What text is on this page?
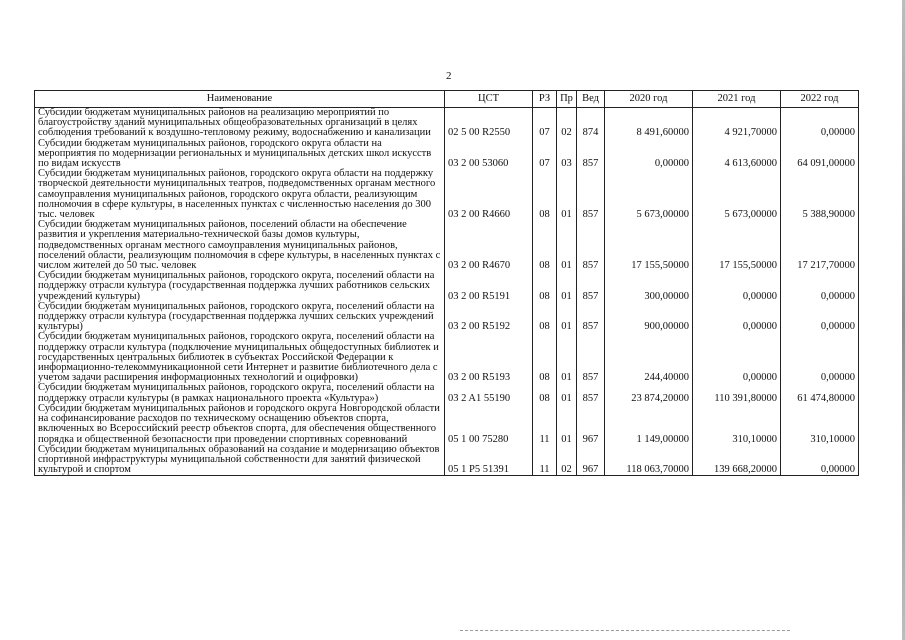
2
Наименование	ЦСТ	РЗ	Пр	Вед	2020 год	2021 год	2022 год
Субсидии бюджетам муниципальных районов на реализацию мероприятий по благоустройству зданий муниципальных общеобразовательных организаций в целях соблюдения требований к воздушно-тепловому режиму, водоснабжению и канализации	02 5 00 R2550	07	02	874	8 491,60000	4 921,70000	0,00000
Субсидии бюджетам муниципальных районов, городского округа области на мероприятия по модернизации региональных и муниципальных детских школ искусств по видам искусств	03 2 00 53060	07	03	857	0,00000	4 613,60000	64 091,00000
Субсидии бюджетам муниципальных районов, городского округа области на поддержку творческой деятельности муниципальных театров, подведомственных органам местного самоуправления муниципальных районов, городского округа области, реализующим полномочия в сфере культуры, в населенных пунктах с численностью населения до 300 тыс. человек	03 2 00 R4660	08	01	857	5 673,00000	5 673,00000	5 388,90000
Субсидии бюджетам муниципальных районов, поселений области на обеспечение развития и укрепления материально-технической базы домов культуры, подведомственных органам местного самоуправления муниципальных районов, поселений области, реализующим полномочия в сфере культуры, в населенных пунктах с числом жителей до 50 тыс. человек	03 2 00 R4670	08	01	857	17 155,50000	17 155,50000	17 217,70000
Субсидии бюджетам муниципальных районов, городского округа, поселений области на поддержку отрасли культура (государственная поддержка лучших работников сельских учреждений культуры)	03 2 00 R5191	08	01	857	300,00000	0,00000	0,00000
Субсидии бюджетам муниципальных районов, городского округа, поселений области на поддержку отрасли культура (государственная поддержка лучших сельских учреждений культуры)	03 2 00 R5192	08	01	857	900,00000	0,00000	0,00000
Субсидии бюджетам муниципальных районов, городского округа, поселений области на поддержку отрасли культура (подключение муниципальных общедоступных библиотек и государственных центральных библиотек в субъектах Российской Федерации к информационно-телекоммуникационной сети Интернет и развитие библиотечного дела с учетом задачи расширения информационных технологий и оцифровки)	03 2 00 R5193	08	01	857	244,40000	0,00000	0,00000
Субсидии бюджетам муниципальных районов, городского округа, поселений области на поддержку отрасли культуры (в рамках национального проекта «Культура»)	03 2 A1 55190	08	01	857	23 874,20000	110 391,80000	61 474,80000
Субсидии бюджетам муниципальных районов и городского округа Новгородской области на софинансирование расходов по техническому оснащению объектов спорта, включенных во Всероссийский реестр объектов спорта, для обеспечения общественного порядка и общественной безопасности при проведении спортивных соревнований	05 1 00 75280	11	01	967	1 149,00000	310,10000	310,10000
Субсидии бюджетам муниципальных образований на создание и модернизацию объектов спортивной инфраструктуры муниципальной собственности для занятий физической культурой и спортом	05 1 P5 51391	11	02	967	118 063,70000	139 668,20000	0,00000
